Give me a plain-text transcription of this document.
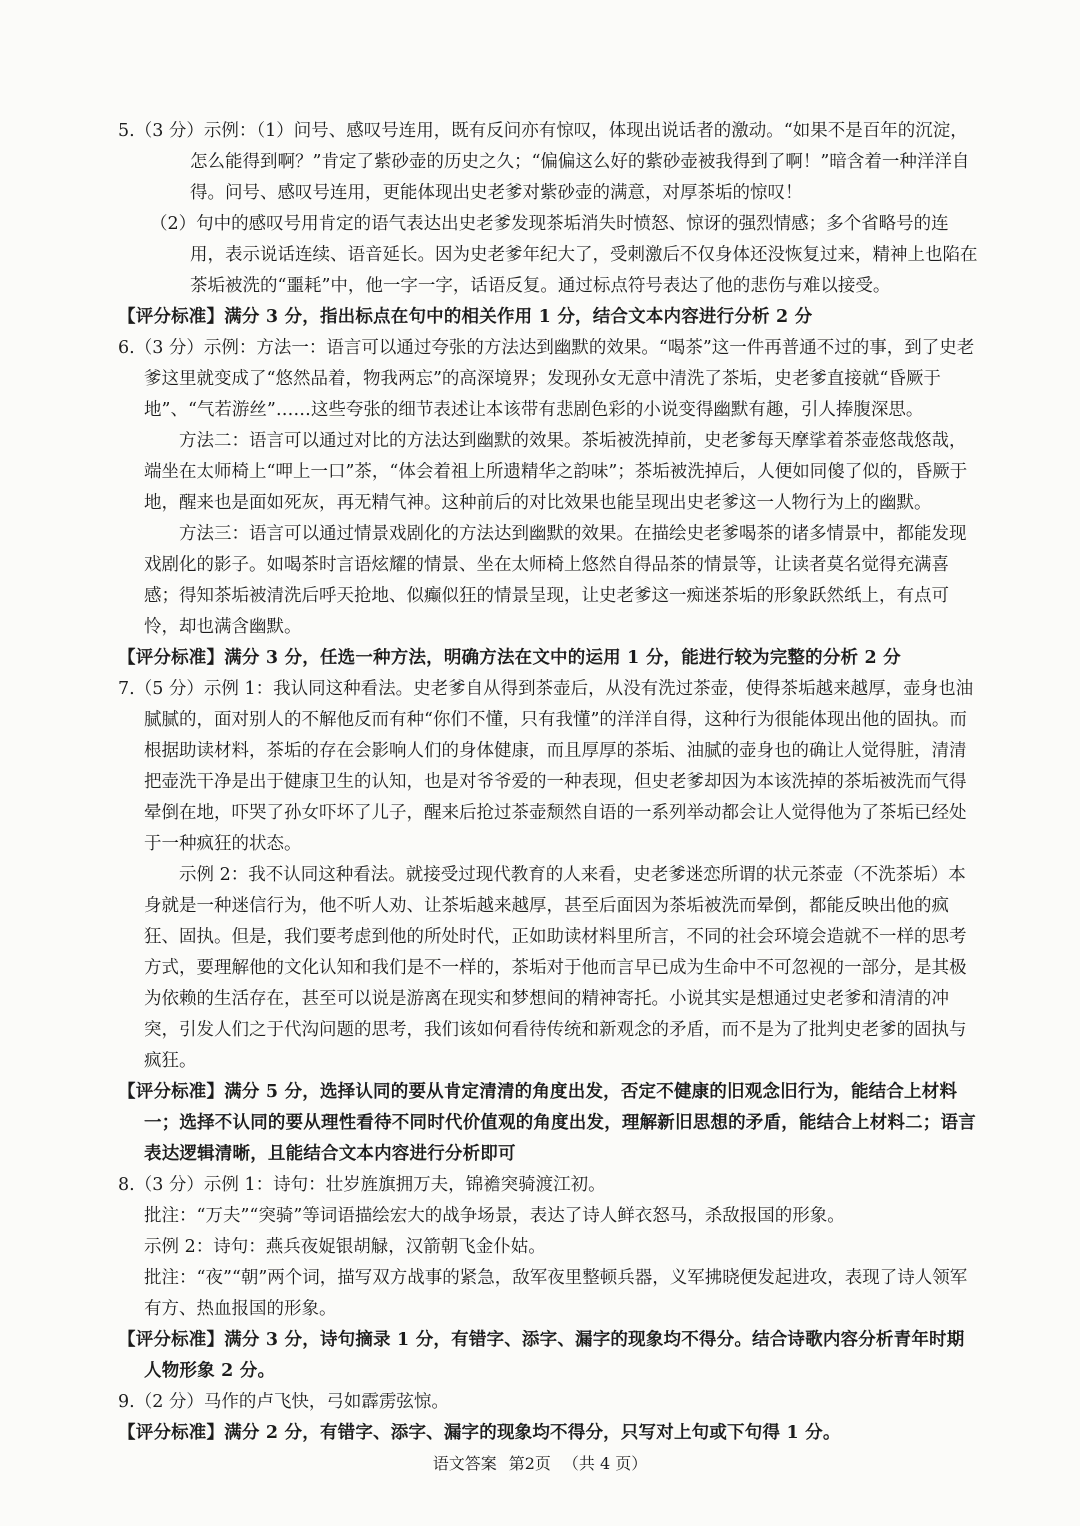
5.（3 分）示例：（1）问号、感叹号连用，既有反问亦有惊叹，体现出说话者的激动。“如果不是百年的沉淀，怎么能得到啊？”肯定了紫砂壶的历史之久；“偏偏这么好的紫砂壶被我得到了啊！”暗含着一种洋洋自得。问号、感叹号连用，更能体现出史老爹对紫砂壶的满意，对厚茶垢的惊叹！

（2）句中的感叹号用肯定的语气表达出史老爹发现茶垢消失时愤怒、惊讶的强烈情感；多个省略号的连用，表示说话连续、语音延长。因为史老爹年纪大了，受刺激后不仅身体还没恢复过来，精神上也陷在茶垢被洗的“噩耗”中，他一字一字，话语反复。通过标点符号表达了他的悲伤与难以接受。

【评分标准】满分 3 分，指出标点在句中的相关作用 1 分，结合文本内容进行分析 2 分

6.（3 分）示例：方法一：语言可以通过夸张的方法达到幽默的效果。“喝茶”这一件再普通不过的事，到了史老爹这里就变成了“悠然品着，物我两忘”的高深境界；发现孙女无意中清洗了茶垢，史老爹直接就“昏厥于地”、“气若游丝”……这些夸张的细节表述让本该带有悲剧色彩的小说变得幽默有趣，引人捧腹深思。

方法二：语言可以通过对比的方法达到幽默的效果。茶垢被洗掉前，史老爹每天摩挲着茶壶悠哉悠哉，端坐在太师椅上“呷上一口”茶，“体会着祖上所遗精华之韵味”；茶垢被洗掉后，人便如同傻了似的，昏厥于地，醒来也是面如死灰，再无精气神。这种前后的对比效果也能呈现出史老爹这一人物行为上的幽默。

方法三：语言可以通过情景戏剧化的方法达到幽默的效果。在描绘史老爹喝茶的诸多情景中，都能发现戏剧化的影子。如喝茶时言语炫耀的情景、坐在太师椅上悠然自得品茶的情景等，让读者莫名觉得充满喜感；得知茶垢被清洗后呼天抢地、似癫似狂的情景呈现，让史老爹这一痴迷茶垢的形象跃然纸上，有点可怜，却也满含幽默。

【评分标准】满分 3 分，任选一种方法，明确方法在文中的运用 1 分，能进行较为完整的分析 2 分

7.（5 分）示例 1：我认同这种看法。史老爹自从得到茶壶后，从没有洗过茶壶，使得茶垢越来越厚，壶身也油腻腻的，面对别人的不解他反而有种“你们不懂，只有我懂”的洋洋自得，这种行为很能体现出他的固执。而根据助读材料，茶垢的存在会影响人们的身体健康，而且厚厚的茶垢、油腻的壶身也的确让人觉得脏，清清把壶洗干净是出于健康卫生的认知，也是对爷爷爱的一种表现，但史老爹却因为本该洗掉的茶垢被洗而气得晕倒在地，吓哭了孙女吓坏了儿子，醒来后抢过茶壶颓然自语的一系列举动都会让人觉得他为了茶垢已经处于一种疯狂的状态。

示例 2：我不认同这种看法。就接受过现代教育的人来看，史老爹迷恋所谓的状元茶壶（不洗茶垢）本身就是一种迷信行为，他不听人劝、让茶垢越来越厚，甚至后面因为茶垢被洗而晕倒，都能反映出他的疯狂、固执。但是，我们要考虑到他的所处时代，正如助读材料里所言，不同的社会环境会造就不一样的思考方式，要理解他的文化认知和我们是不一样的，茶垢对于他而言早已成为生命中不可忽视的一部分，是其极为依赖的生活存在，甚至可以说是游离在现实和梦想间的精神寄托。小说其实是想通过史老爹和清清的冲突，引发人们之于代沟问题的思考，我们该如何看待传统和新观念的矛盾，而不是为了批判史老爹的固执与疯狂。

【评分标准】满分 5 分，选择认同的要从肯定清清的角度出发，否定不健康的旧观念旧行为，能结合上材料一；选择不认同的要从理性看待不同时代价值观的角度出发，理解新旧思想的矛盾，能结合上材料二；语言表达逻辑清晰，且能结合文本内容进行分析即可

8.（3 分）示例 1：诗句：壮岁旌旗拥万夫，锦襜突骑渡江初。

批注：“万夫”“突骑”等词语描绘宏大的战争场景，表达了诗人鲜衣怒马，杀敌报国的形象。

示例 2：诗句：燕兵夜娖银胡觮，汉箭朝飞金仆姑。

批注：“夜”“朝”两个词，描写双方战事的紧急，敌军夜里整顿兵器，义军拂晓便发起进攻，表现了诗人领军有方、热血报国的形象。

【评分标准】满分 3 分，诗句摘录 1 分，有错字、添字、漏字的现象均不得分。结合诗歌内容分析青年时期人物形象 2 分。

9.（2 分）马作的卢飞快，弓如霹雳弦惊。

【评分标准】满分 2 分，有错字、添字、漏字的现象均不得分，只写对上句或下句得 1 分。

语文答案 第2页 （共 4 页）
